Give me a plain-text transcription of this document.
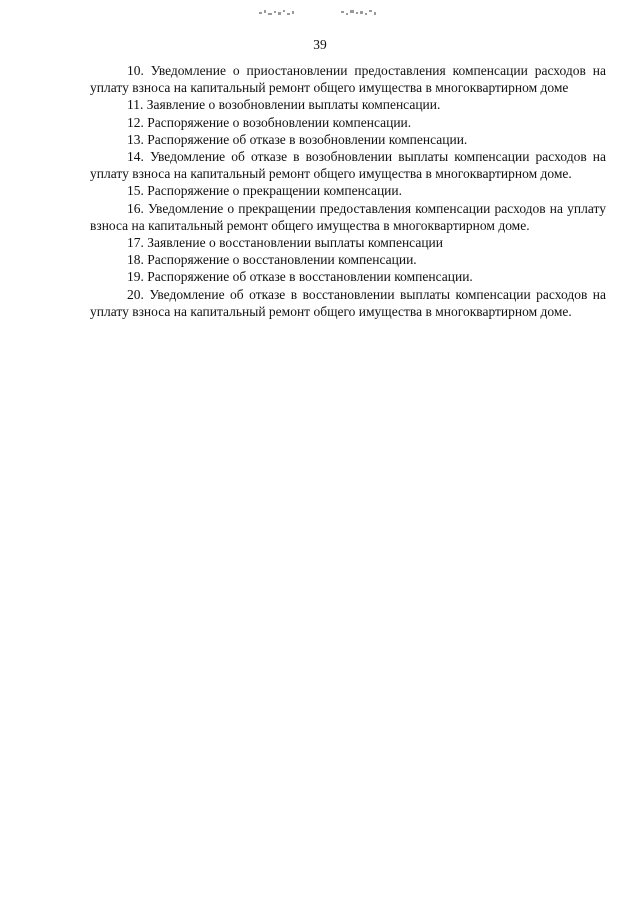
39

10. Уведомление о приостановлении предоставления компенсации расходов на уплату взноса на капитальный ремонт общего имущества в многоквартирном доме

11. Заявление о возобновлении выплаты компенсации.

12. Распоряжение о возобновлении компенсации.

13. Распоряжение об отказе в возобновлении компенсации.

14. Уведомление об отказе в возобновлении выплаты компенсации расходов на уплату взноса на капитальный ремонт общего имущества в многоквартирном доме.

15. Распоряжение о прекращении компенсации.

16. Уведомление о прекращении предоставления компенсации расходов на уплату взноса на капитальный ремонт общего имущества в многоквартирном доме.

17. Заявление о восстановлении выплаты компенсации

18. Распоряжение о восстановлении компенсации.

19. Распоряжение об отказе в восстановлении компенсации.

20. Уведомление об отказе в восстановлении выплаты компенсации расходов на уплату взноса на капитальный ремонт общего имущества в многоквартирном доме.
